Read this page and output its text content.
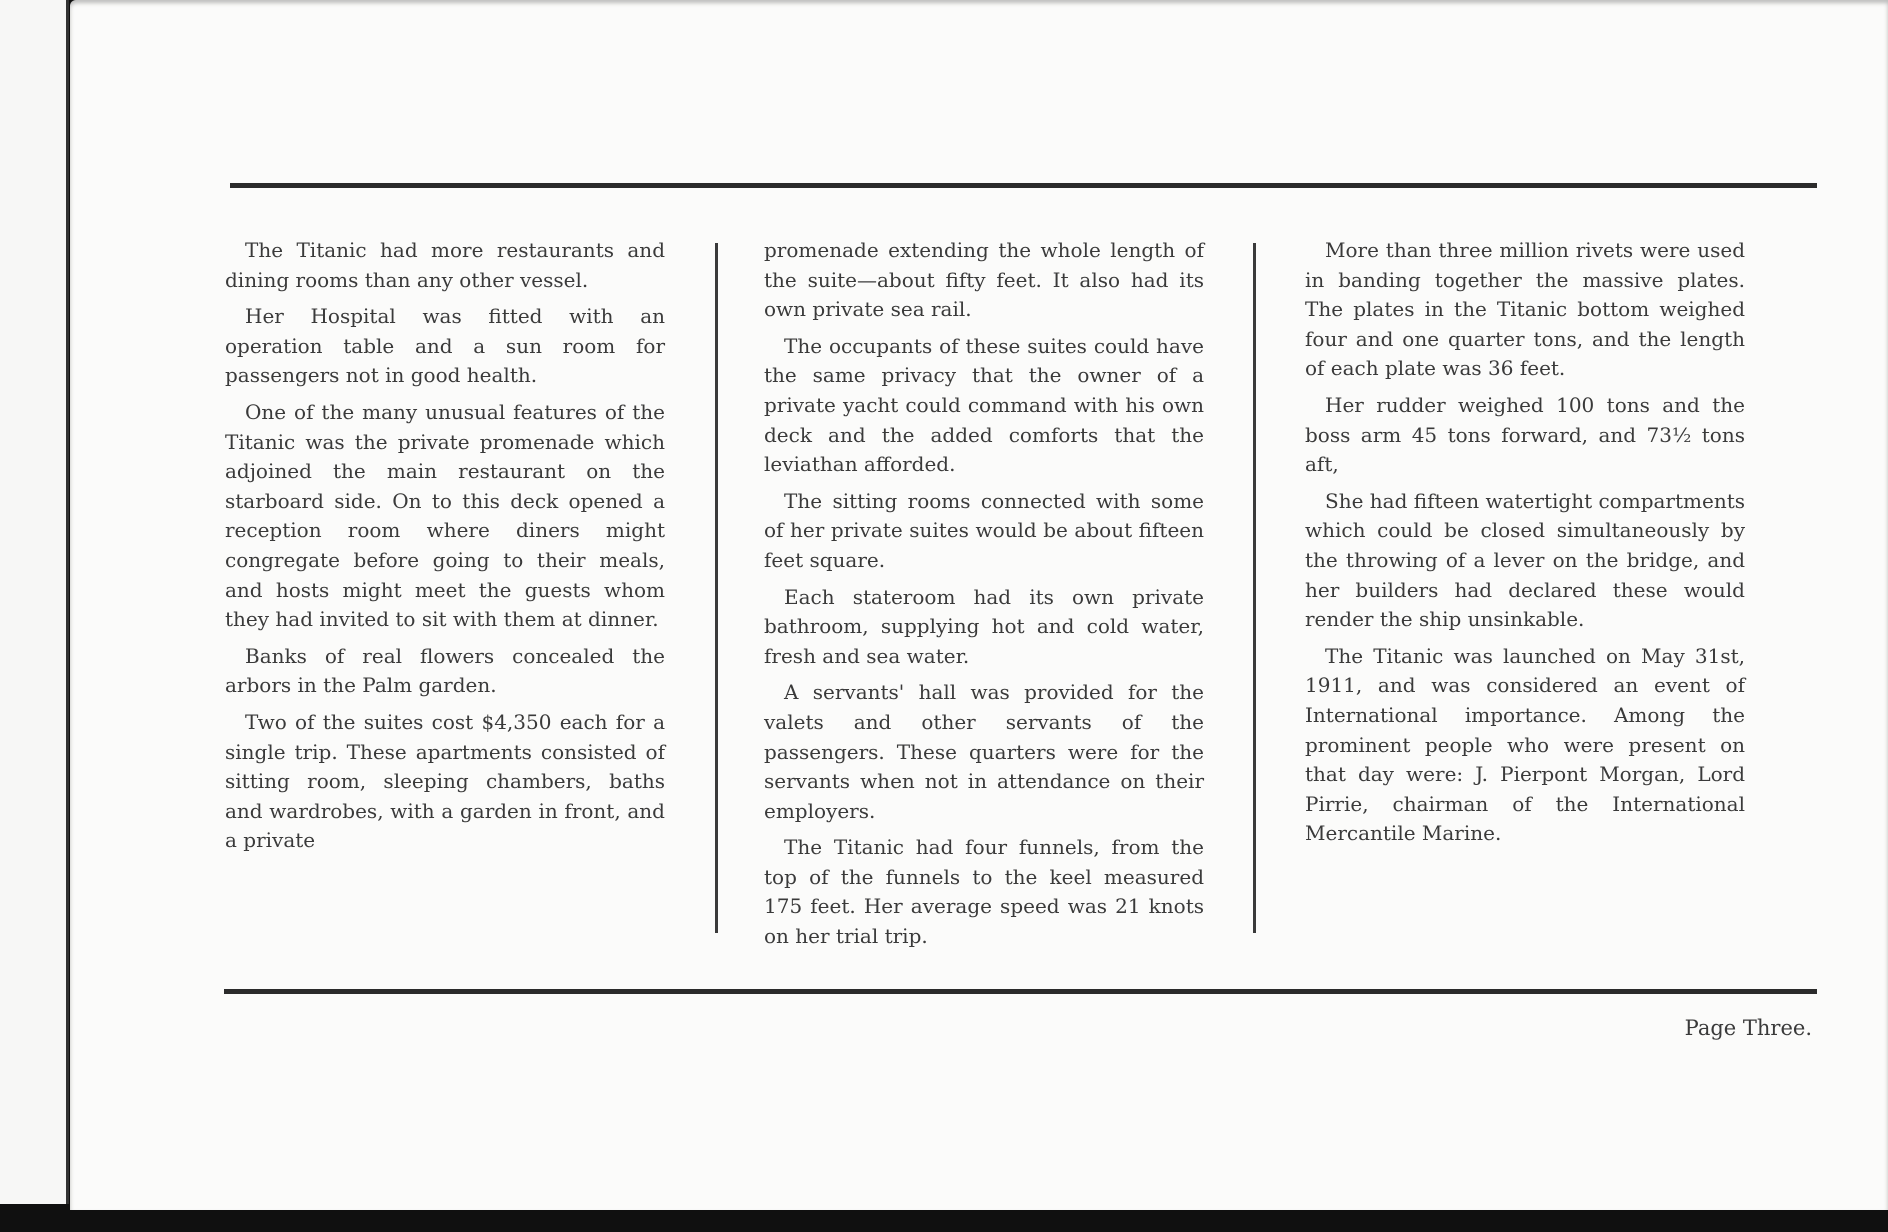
The Titanic had more restaurants and dining rooms than any other vessel.

Her Hospital was fitted with an operation table and a sun room for passengers not in good health.

One of the many unusual features of the Titanic was the private promenade which adjoined the main restaurant on the starboard side. On to this deck opened a reception room where diners might congregate before going to their meals, and hosts might meet the guests whom they had invited to sit with them at dinner.

Banks of real flowers concealed the arbors in the Palm garden.

Two of the suites cost $4,350 each for a single trip. These apartments consisted of sitting room, sleeping chambers, baths and wardrobes, with a garden in front, and a private

promenade extending the whole length of the suite—about fifty feet. It also had its own private sea rail.

The occupants of these suites could have the same privacy that the owner of a private yacht could command with his own deck and the added comforts that the leviathan afforded.

The sitting rooms connected with some of her private suites would be about fifteen feet square.

Each stateroom had its own private bathroom, supplying hot and cold water, fresh and sea water.

A servants' hall was provided for the valets and other servants of the passengers. These quarters were for the servants when not in attendance on their employers.

The Titanic had four funnels, from the top of the funnels to the keel measured 175 feet. Her average speed was 21 knots on her trial trip.

More than three million rivets were used in banding together the massive plates. The plates in the Titanic bottom weighed four and one quarter tons, and the length of each plate was 36 feet.

Her rudder weighed 100 tons and the boss arm 45 tons forward, and 73½ tons aft,

She had fifteen watertight compartments which could be closed simultaneously by the throwing of a lever on the bridge, and her builders had declared these would render the ship unsinkable.

The Titanic was launched on May 31st, 1911, and was considered an event of International importance. Among the prominent people who were present on that day were: J. Pierpont Morgan, Lord Pirrie, chairman of the International Mercantile Marine.

Page Three.
